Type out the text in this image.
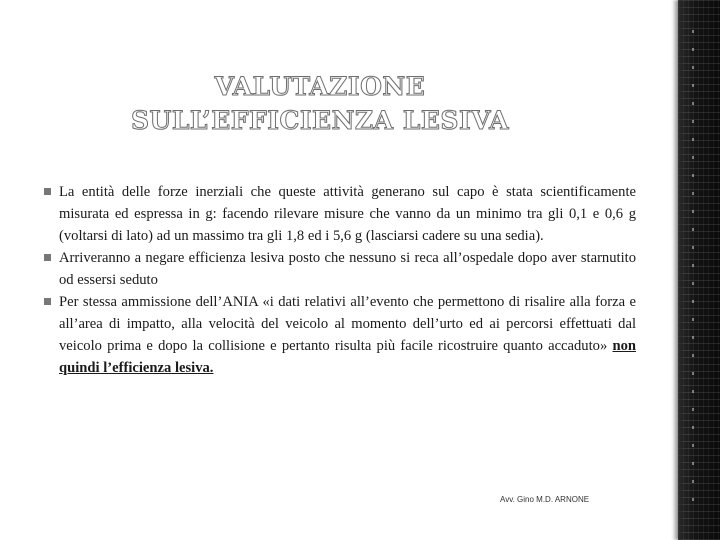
VALUTAZIONE
SULL’EFFICIENZA LESIVA
La entità delle forze inerziali che queste attività generano sul capo è stata scientificamente misurata ed espressa in g: facendo rilevare misure che vanno da un minimo tra gli 0,1 e 0,6 g (voltarsi di lato) ad un massimo tra gli 1,8 ed i 5,6 g (lasciarsi cadere su una sedia).
Arriveranno a negare efficienza lesiva posto che nessuno si reca all’ospedale dopo aver starnutito od essersi seduto
Per stessa ammissione dell’ANIA «i dati relativi all’evento che permettono di risalire alla forza e all’area di impatto, alla velocità del veicolo al momento dell’urto ed ai percorsi effettuati dal veicolo prima e dopo la collisione e pertanto risulta più facile ricostruire quanto accaduto» non quindi l’efficienza lesiva.
Avv. Gino M.D. ARNONE
